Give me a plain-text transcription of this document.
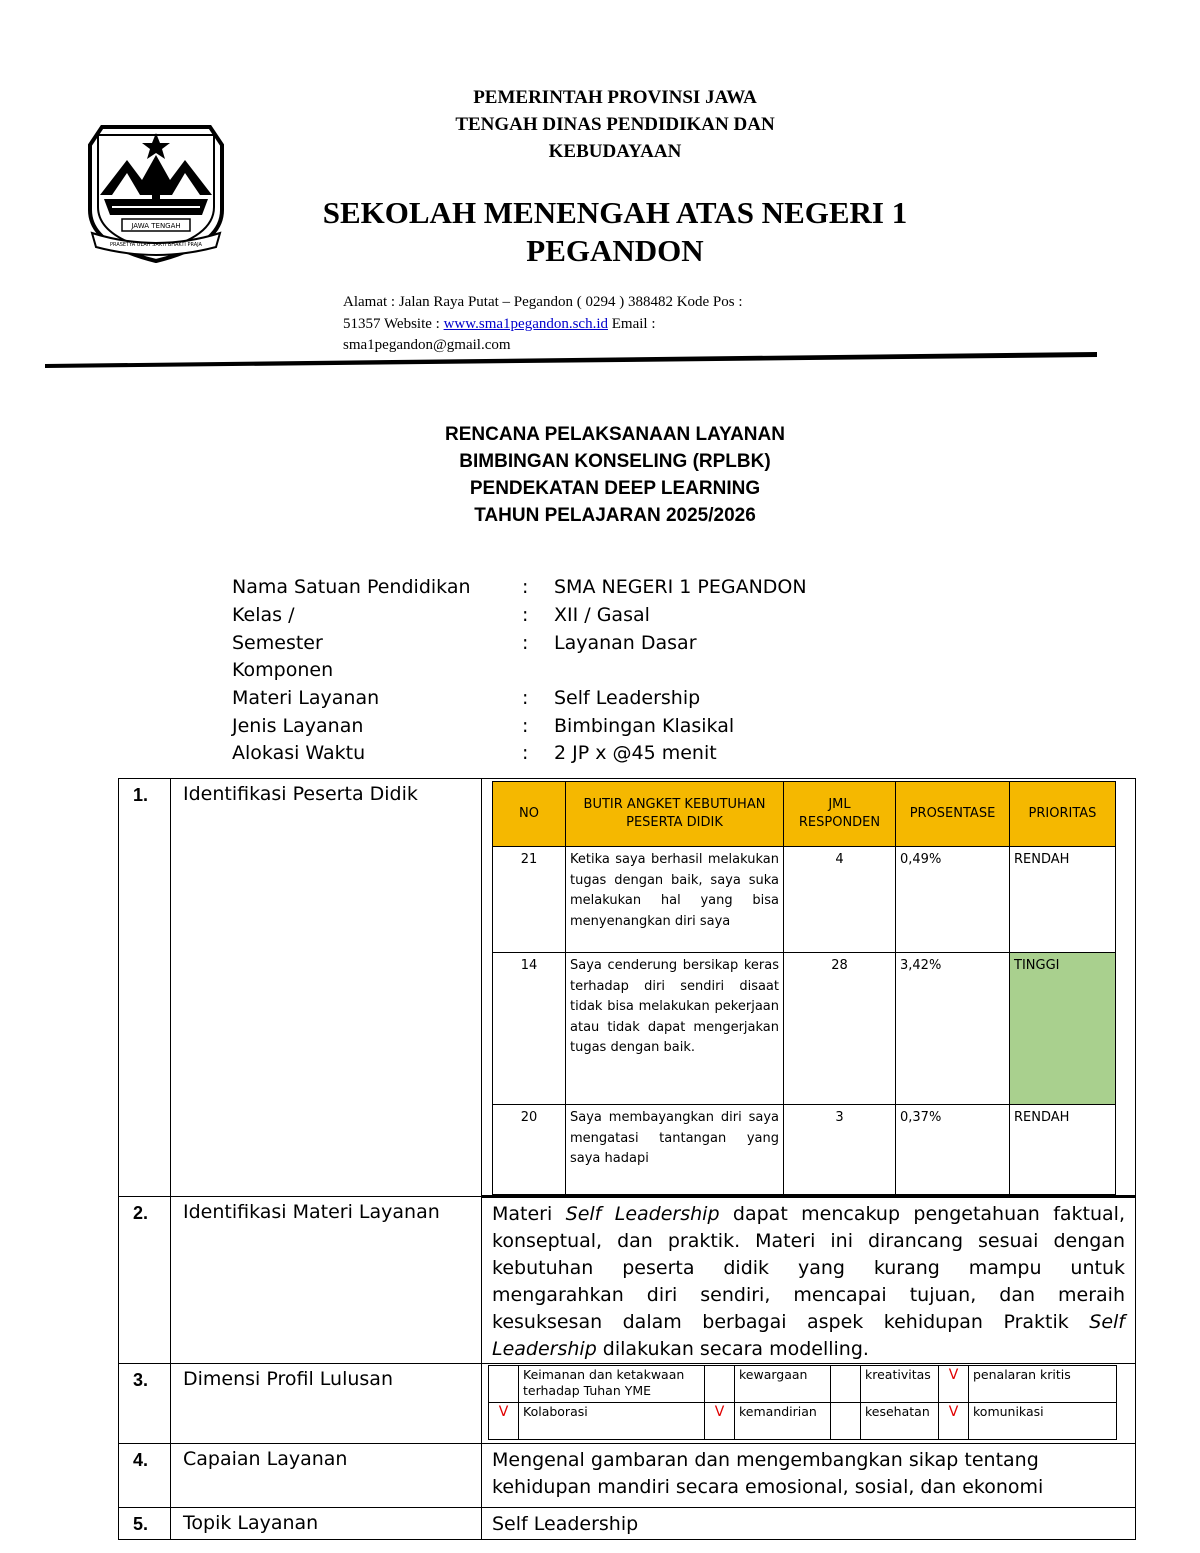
JAWA TENGAH
PRASETYA ULAH SAKTI BHAKTI PRAJA
PEMERINTAH PROVINSI JAWA
TENGAH DINAS PENDIDIKAN DAN
KEBUDAYAAN
SEKOLAH MENENGAH ATAS NEGERI 1
PEGANDON
Alamat : Jalan Raya Putat – Pegandon ( 0294 ) 388482 Kode Pos :
51357 Website : www.sma1pegandon.sch.id Email :
sma1pegandon@gmail.com
RENCANA PELAKSANAAN LAYANAN
BIMBINGAN KONSELING (RPLBK)
PENDEKATAN DEEP LEARNING
TAHUN PELAJARAN 2025/2026
Nama Satuan Pendidikan	: SMA NEGERI 1 PEGANDON
Kelas /	: XII / Gasal
Semester	: Layanan Dasar
Komponen
Materi Layanan	: Self Leadership
Jenis Layanan	: Bimbingan Klasikal
Alokasi Waktu	: 2 JP x @45 menit
1.	Identifikasi Peserta Didik	
NO	BUTIR ANGKET KEBUTUHAN PESERTA DIDIK	JML RESPONDEN	PROSENTASE	PRIORITAS
21	Ketika saya berhasil melakukan tugas dengan baik, saya suka melakukan hal yang bisa menyenangkan diri saya	4	0,49%	RENDAH
14	Saya cenderung bersikap keras terhadap diri sendiri disaat tidak bisa melakukan pekerjaan atau tidak dapat mengerjakan tugas dengan baik.	28	3,42%	TINGGI
20	Saya membayangkan diri saya mengatasi tantangan yang saya hadapi	3	0,37%	RENDAH

2.	Identifikasi Materi Layanan	Materi Self Leadership dapat mencakup pengetahuan faktual, konseptual, dan praktik. Materi ini dirancang sesuai dengan kebutuhan peserta didik yang kurang mampu untuk mengarahkan diri sendiri, mencapai tujuan, dan meraih kesuksesan dalam berbagai aspek kehidupan Praktik Self Leadership dilakukan secara modelling.
3.	Dimensi Profil Lulusan	
		Keimanan dan ketakwaan terhadap Tuhan YME		kewargaan		kreativitas	V	penalaran kritis
V	Kolaborasi	V	kemandirian		kesehatan	V	komunikasi

4.	Capaian Layanan	Mengenal gambaran dan mengembangkan sikap tentang kehidupan mandiri secara emosional, sosial, dan ekonomi
5.	Topik Layanan	Self Leadership
